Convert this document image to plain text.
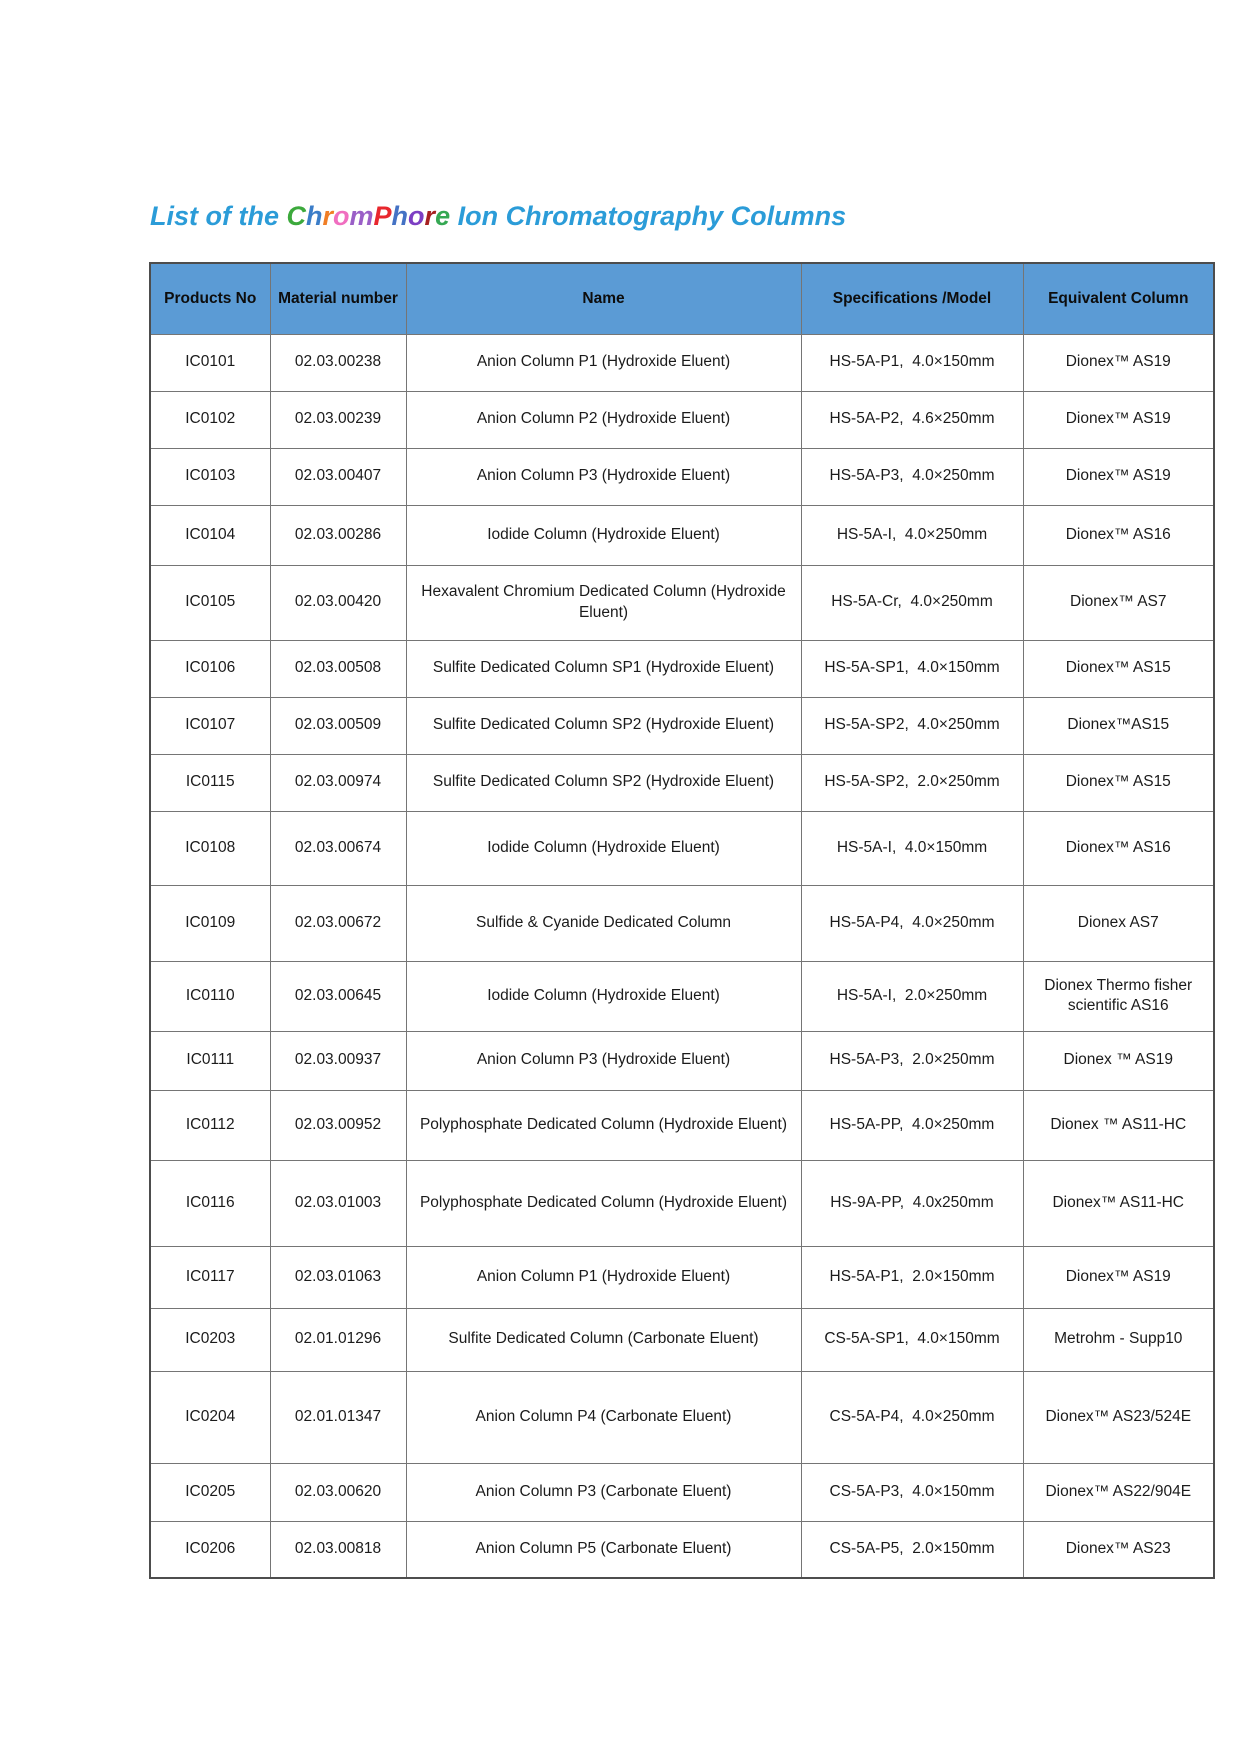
List of the ChromPhore Ion Chromatography Columns
Products No	Material number	Name	Specifications /Model	Equivalent Column
IC0101	02.03.00238	Anion Column P1 (Hydroxide Eluent)	HS-5A-P1,  4.0×150mm	Dionex™ AS19
IC0102	02.03.00239	Anion Column P2 (Hydroxide Eluent)	HS-5A-P2,  4.6×250mm	Dionex™ AS19
IC0103	02.03.00407	Anion Column P3 (Hydroxide Eluent)	HS-5A-P3,  4.0×250mm	Dionex™ AS19
IC0104	02.03.00286	Iodide Column (Hydroxide Eluent)	HS-5A-I,  4.0×250mm	Dionex™ AS16
IC0105	02.03.00420	Hexavalent Chromium Dedicated Column (Hydroxide Eluent)	HS-5A-Cr,  4.0×250mm	Dionex™ AS7
IC0106	02.03.00508	Sulfite Dedicated Column SP1 (Hydroxide Eluent)	HS-5A-SP1,  4.0×150mm	Dionex™ AS15
IC0107	02.03.00509	Sulfite Dedicated Column SP2 (Hydroxide Eluent)	HS-5A-SP2,  4.0×250mm	Dionex™AS15
IC0115	02.03.00974	Sulfite Dedicated Column SP2 (Hydroxide Eluent)	HS-5A-SP2,  2.0×250mm	Dionex™ AS15
IC0108	02.03.00674	Iodide Column (Hydroxide Eluent)	HS-5A-I,  4.0×150mm	Dionex™ AS16
IC0109	02.03.00672	Sulfide & Cyanide Dedicated Column	HS-5A-P4,  4.0×250mm	Dionex AS7
IC0110	02.03.00645	Iodide Column (Hydroxide Eluent)	HS-5A-I,  2.0×250mm	Dionex Thermo fisher scientific AS16
IC0111	02.03.00937	Anion Column P3 (Hydroxide Eluent)	HS-5A-P3,  2.0×250mm	Dionex ™ AS19
IC0112	02.03.00952	Polyphosphate Dedicated Column (Hydroxide Eluent)	HS-5A-PP,  4.0×250mm	Dionex ™ AS11-HC
IC0116	02.03.01003	Polyphosphate Dedicated Column (Hydroxide Eluent)	HS-9A-PP,  4.0x250mm	Dionex™ AS11-HC
IC0117	02.03.01063	Anion Column P1 (Hydroxide Eluent)	HS-5A-P1,  2.0×150mm	Dionex™ AS19
IC0203	02.01.01296	Sulfite Dedicated Column (Carbonate Eluent)	CS-5A-SP1,  4.0×150mm	Metrohm - Supp10
IC0204	02.01.01347	Anion Column P4 (Carbonate Eluent)	CS-5A-P4,  4.0×250mm	Dionex™ AS23/524E
IC0205	02.03.00620	Anion Column P3 (Carbonate Eluent)	CS-5A-P3,  4.0×150mm	Dionex™ AS22/904E
IC0206	02.03.00818	Anion Column P5 (Carbonate Eluent)	CS-5A-P5,  2.0×150mm	Dionex™ AS23
